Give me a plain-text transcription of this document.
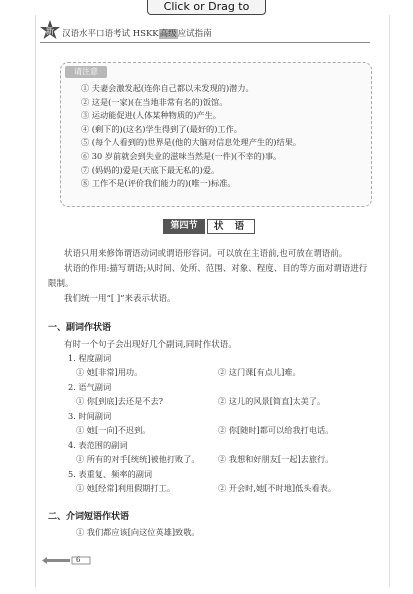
Click or Drag to
新 汉语水平口语考试 HSKK高级应试指南
请注意
① 夫妻会激发起(连你自己都以未发现的)潜力。
② 这是(一家)(在当地非常有名的)饭馆。
③ 运动能促进(人体某种物质的)产生。
④ (剩下的)(这名)学生得到了(最好的)工作。
⑤ (每个人看到的)世界是(他的大脑对信息处理产生的)结果。
⑥ 30 岁前就会到失业的滋味当然是(一件)(不幸的)事。
⑦ (妈妈的)爱是(天底下最无私的)爱。
⑧ 工作不是(评价我们能力的)(唯一)标准。
第四节	状 语
状语只用来修饰谓语动词或谓语形容词。可以放在主语前,也可放在谓语前。
状语的作用:描写谓语;从时间、处所、范围、对象、程度、目的等方面对谓语进行限制。
我们统一用“[ ]”来表示状语。
一、副词作状语
有时一个句子会出现好几个副词,同时作状语。
1. 程度副词
① 她[非常]用功。	② 这门课[有点儿]难。
2. 语气副词
① 你[到底]去还是不去?	② 这儿的风景[简直]太美了。
3. 时间副词
① 她[一向]不迟到。	② 你[随时]都可以给我打电话。
4. 表范围的副词
① 所有的对手[统统]被他打败了。 ② 我想和好朋友[一起]去旅行。
5. 表重复、频率的副词
① 她[经常]利用假期打工。	② 开会时,她[不时地]低头看表。
二、介词短语作状语
① 我们都应该[向这位英雄]致敬。
6
